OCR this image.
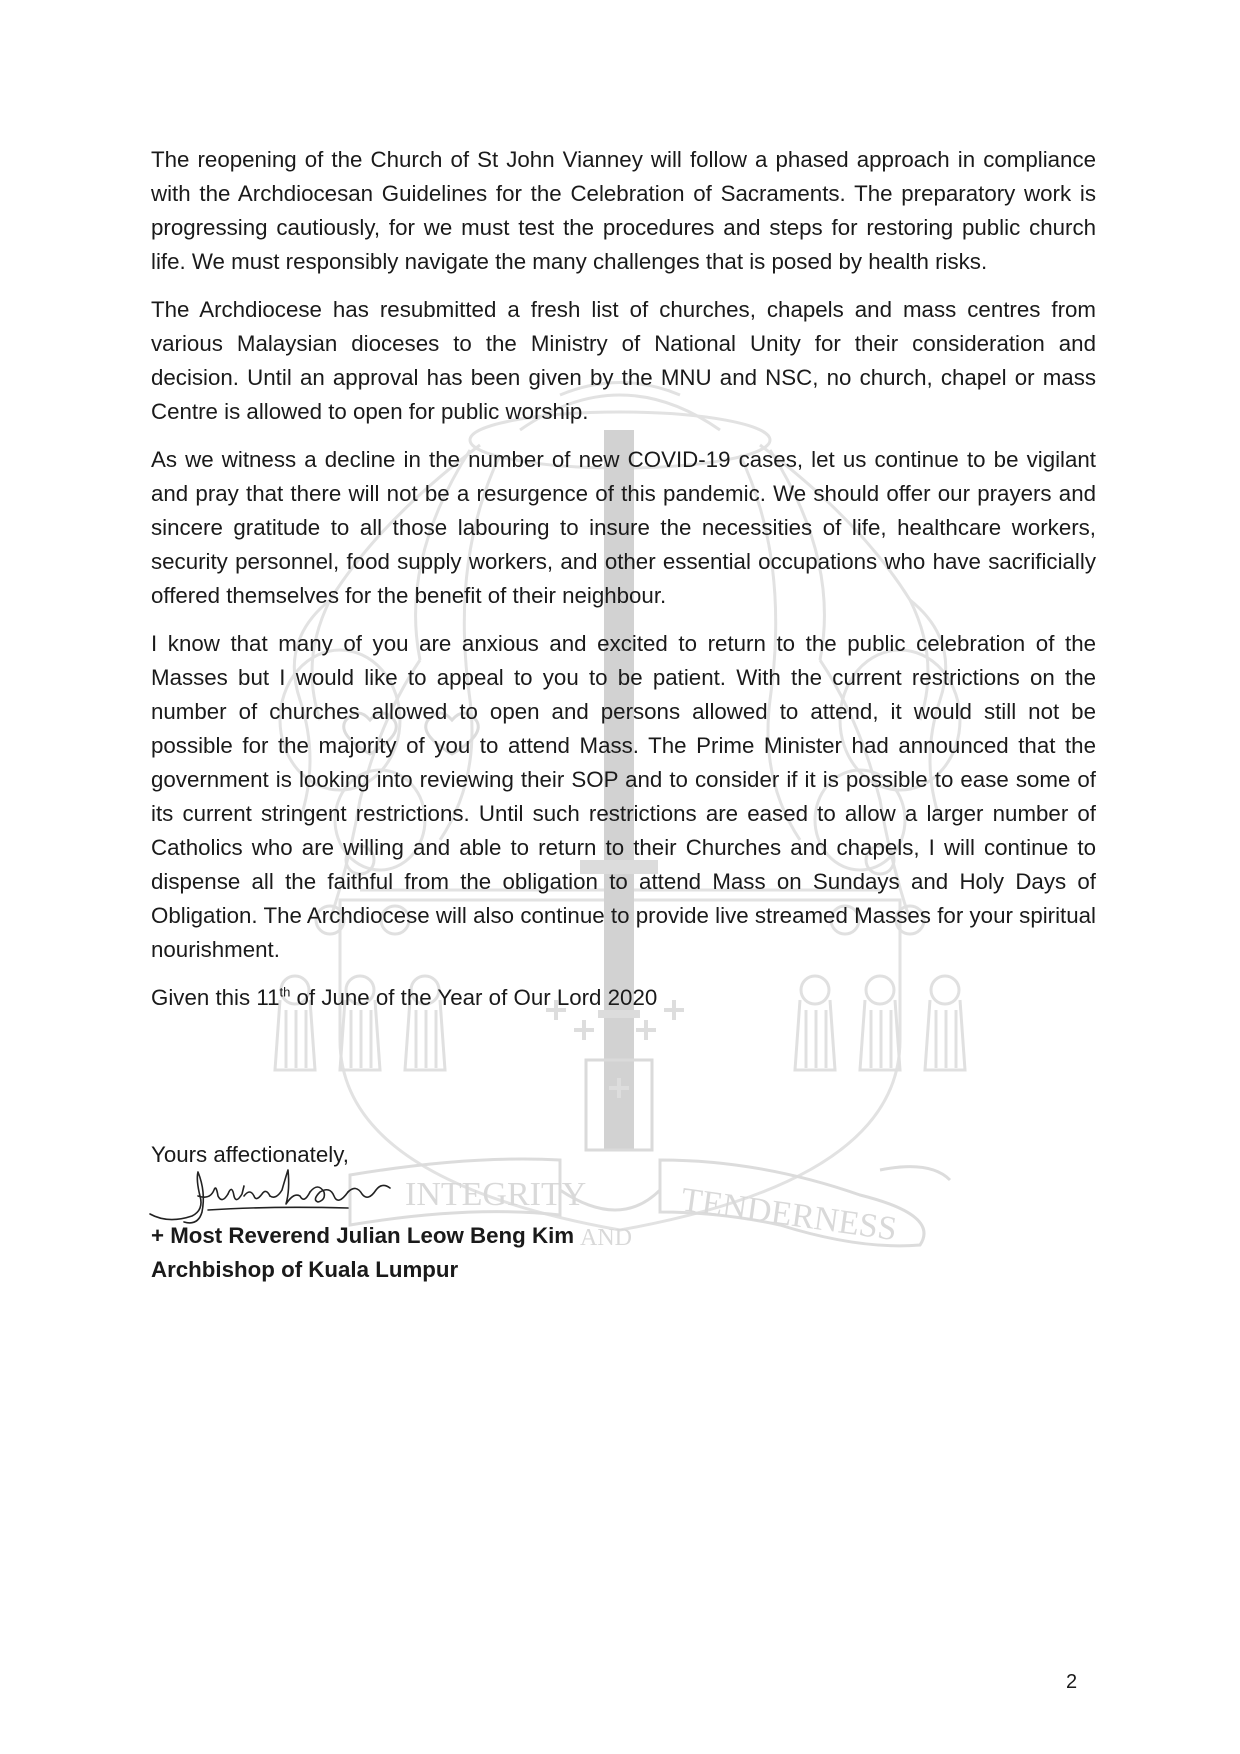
INTEGRITY	TENDERNESS
AND

The reopening of the Church of St John Vianney will follow a phased approach in compliance with the Archdiocesan Guidelines for the Celebration of Sacraments. The preparatory work is progressing cautiously, for we must test the procedures and steps for restoring public church life. We must responsibly navigate the many challenges that is posed by health risks.

The Archdiocese has resubmitted a fresh list of churches, chapels and mass centres from various Malaysian dioceses to the Ministry of National Unity for their consideration and decision. Until an approval has been given by the MNU and NSC, no church, chapel or mass Centre is allowed to open for public worship.

As we witness a decline in the number of new COVID-19 cases, let us continue to be vigilant and pray that there will not be a resurgence of this pandemic. We should offer our prayers and sincere gratitude to all those labouring to insure the necessities of life, healthcare workers, security personnel, food supply workers, and other essential occupations who have sacrificially offered themselves for the benefit of their neighbour.

I know that many of you are anxious and excited to return to the public celebration of the Masses but I would like to appeal to you to be patient. With the current restrictions on the number of churches allowed to open and persons allowed to attend, it would still not be possible for the majority of you to attend Mass. The Prime Minister had announced that the government is looking into reviewing their SOP and to consider if it is possible to ease some of its current stringent restrictions. Until such restrictions are eased to allow a larger number of Catholics who are willing and able to return to their Churches and chapels, I will continue to dispense all the faithful from the obligation to attend Mass on Sundays and Holy Days of Obligation. The Archdiocese will also continue to provide live streamed Masses for your spiritual nourishment.

Given this 11th of June of the Year of Our Lord 2020

Yours affectionately,

+ Most Reverend Julian Leow Beng Kim
Archbishop of Kuala Lumpur
2
